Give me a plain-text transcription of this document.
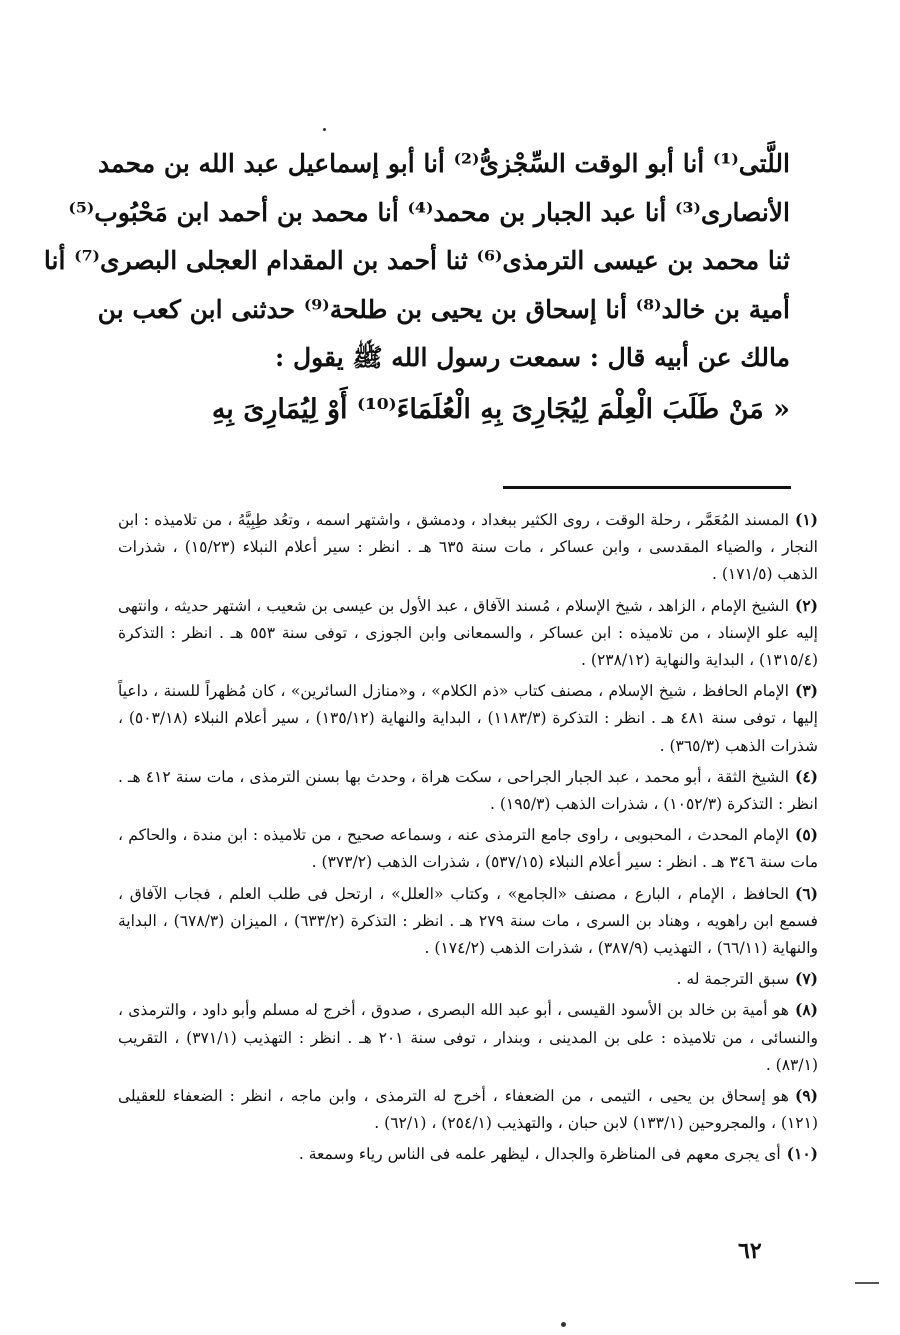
اللَّتى⁽¹⁾ أنا أبو الوقت السِّجْزىُّ⁽²⁾ أنا أبو إسماعيل عبد الله بن محمد
الأنصارى⁽³⁾ أنا عبد الجبار بن محمد⁽⁴⁾ أنا محمد بن أحمد ابن مَحْبُوب⁽⁵⁾
ثنا محمد بن عيسى الترمذى⁽⁶⁾ ثنا أحمد بن المقدام العجلى البصرى⁽⁷⁾ أنا
أمية بن خالد⁽⁸⁾ أنا إسحاق بن يحيى بن طلحة⁽⁹⁾ حدثنى ابن كعب بن
مالك عن أبيه قال : سمعت رسول الله ﷺ يقول :
« مَنْ طَلَبَ الْعِلْمَ لِيُجَارِىَ بِهِ الْعُلَمَاءَ⁽¹⁰⁾ أَوْ لِيُمَارِىَ بِهِ

(١)المسند المُعَمَّر ، رحلة الوقت ، روى الكثير ببغداد ، ودمشق ، واشتهر اسمه ، وتعُد طِبِيَّهُ ، من تلاميذه : ابن النجار ، والضياء المقدسى ، وابن عساكر ، مات سنة ٦٣٥ هـ . انظر : سير أعلام النبلاء (١٥/٢٣) ، شذرات الذهب (١٧١/٥) .

(٢)الشيخ الإمام ، الزاهد ، شيخ الإسلام ، مُسند الآفاق ، عبد الأول بن عيسى بن شعيب ، اشتهر حديثه ، وانتهى إليه علو الإسناد ، من تلاميذه : ابن عساكر ، والسمعانى وابن الجوزى ، توفى سنة ٥٥٣ هـ . انظر : التذكرة (١٣١٥/٤) ، البداية والنهاية (٢٣٨/١٢) .

(٣)الإمام الحافظ ، شيخ الإسلام ، مصنف كتاب «ذم الكلام» ، و«منازل السائرين» ، كان مُظهراً للسنة ، داعياً إليها ، توفى سنة ٤٨١ هـ . انظر : التذكرة (١١٨٣/٣) ، البداية والنهاية (١٣٥/١٢) ، سير أعلام النبلاء (٥٠٣/١٨) ، شذرات الذهب (٣٦٥/٣) .

(٤)الشيخ الثقة ، أبو محمد ، عبد الجبار الجراحى ، سكت هراة ، وحدث بها بسنن الترمذى ، مات سنة ٤١٢ هـ . انظر : التذكرة (١٠٥٢/٣) ، شذرات الذهب (١٩٥/٣) .

(٥)الإمام المحدث ، المحبوبى ، راوى جامع الترمذى عنه ، وسماعه صحيح ، من تلاميذه : ابن مندة ، والحاكم ، مات سنة ٣٤٦ هـ . انظر : سير أعلام النبلاء (٥٣٧/١٥) ، شذرات الذهب (٣٧٣/٢) .

(٦)الحافظ ، الإمام ، البارع ، مصنف «الجامع» ، وكتاب «العلل» ، ارتحل فى طلب العلم ، فجاب الآفاق ، فسمع ابن راهويه ، وهناد بن السرى ، مات سنة ٢٧٩ هـ . انظر : التذكرة (٦٣٣/٢) ، الميزان (٦٧٨/٣) ، البداية والنهاية (٦٦/١١) ، التهذيب (٣٨٧/٩) ، شذرات الذهب (١٧٤/٢) .

(٧)سبق الترجمة له .

(٨)هو أمية بن خالد بن الأسود القيسى ، أبو عبد الله البصرى ، صدوق ، أخرج له مسلم وأبو داود ، والترمذى ، والنسائى ، من تلاميذه : على بن المدينى ، وبندار ، توفى سنة ٢٠١ هـ . انظر : التهذيب (٣٧١/١) ، التقريب (٨٣/١) .

(٩)هو إسحاق بن يحيى ، التيمى ، من الضعفاء ، أخرج له الترمذى ، وابن ماجه ، انظر : الضعفاء للعقيلى (١٢١) ، والمجروحين (١٣٣/١) لابن حبان ، والتهذيب (٢٥٤/١) ، (٦٢/١) .

(١٠)أى يجرى معهم فى المناظرة والجدال ، ليظهر علمه فى الناس رياء وسمعة .

٦٢
